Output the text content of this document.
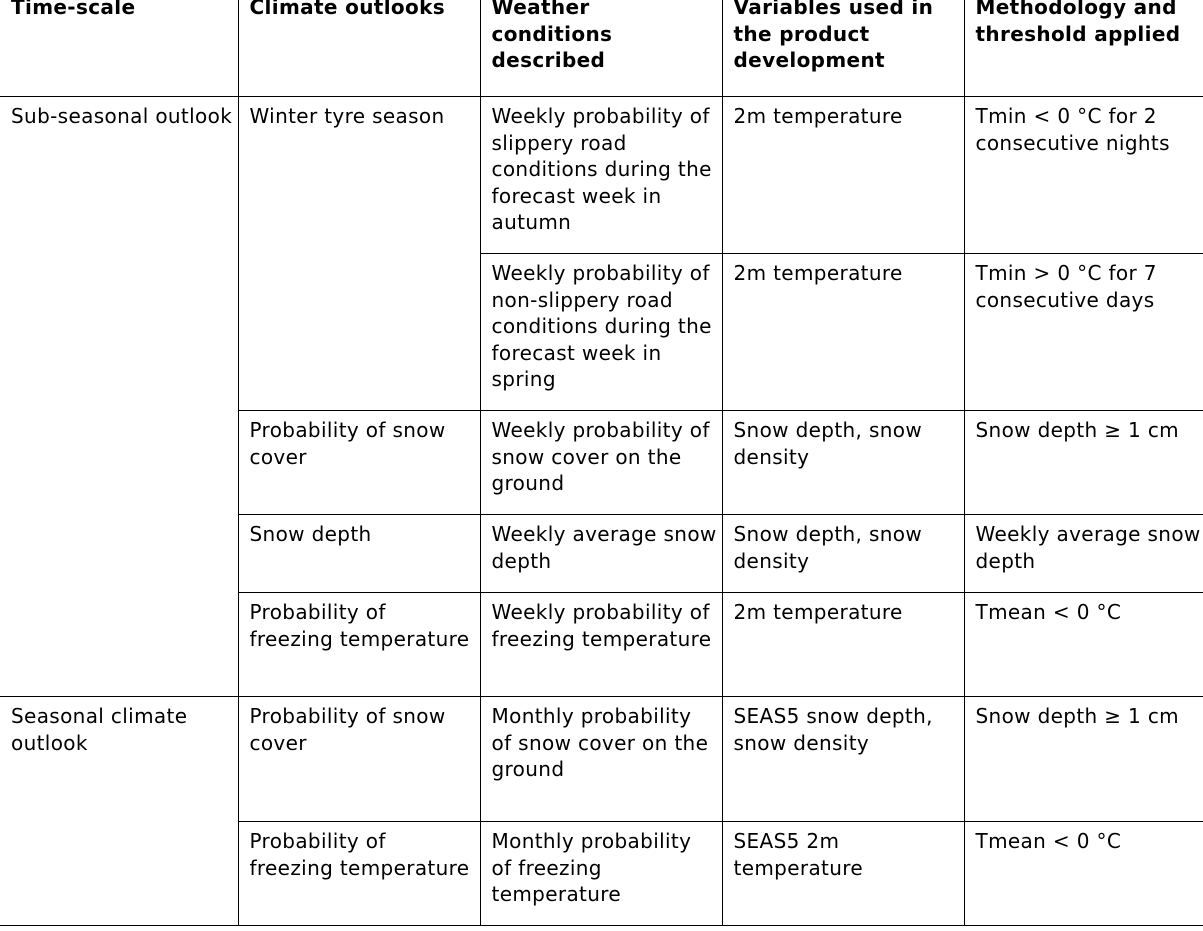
Time-scale	Climate outlooks	Weather conditions described	Variables used in the product development	Methodology and threshold applied
Sub-seasonal outlook	Winter tyre season	Weekly probability of slippery road conditions during the forecast week in autumn	2m temperature	Tmin < 0 °C for 2 consecutive nights
		Weekly probability of non-slippery road conditions during the forecast week in spring	2m temperature	Tmin > 0 °C for 7 consecutive days
	Probability of snow cover	Weekly probability of snow cover on the ground	Snow depth, snow density	Snow depth ≥ 1 cm
	Snow depth	Weekly average snow depth	Snow depth, snow density	Weekly average snow depth
	Probability of freezing temperature	Weekly probability of freezing temperature	2m temperature	Tmean < 0 °C
Seasonal climate outlook	Probability of snow cover	Monthly probability of snow cover on the ground	SEAS5 snow depth, snow density	Snow depth ≥ 1 cm
	Probability of freezing temperature	Monthly probability of freezing temperature	SEAS5 2m temperature	Tmean < 0 °C
